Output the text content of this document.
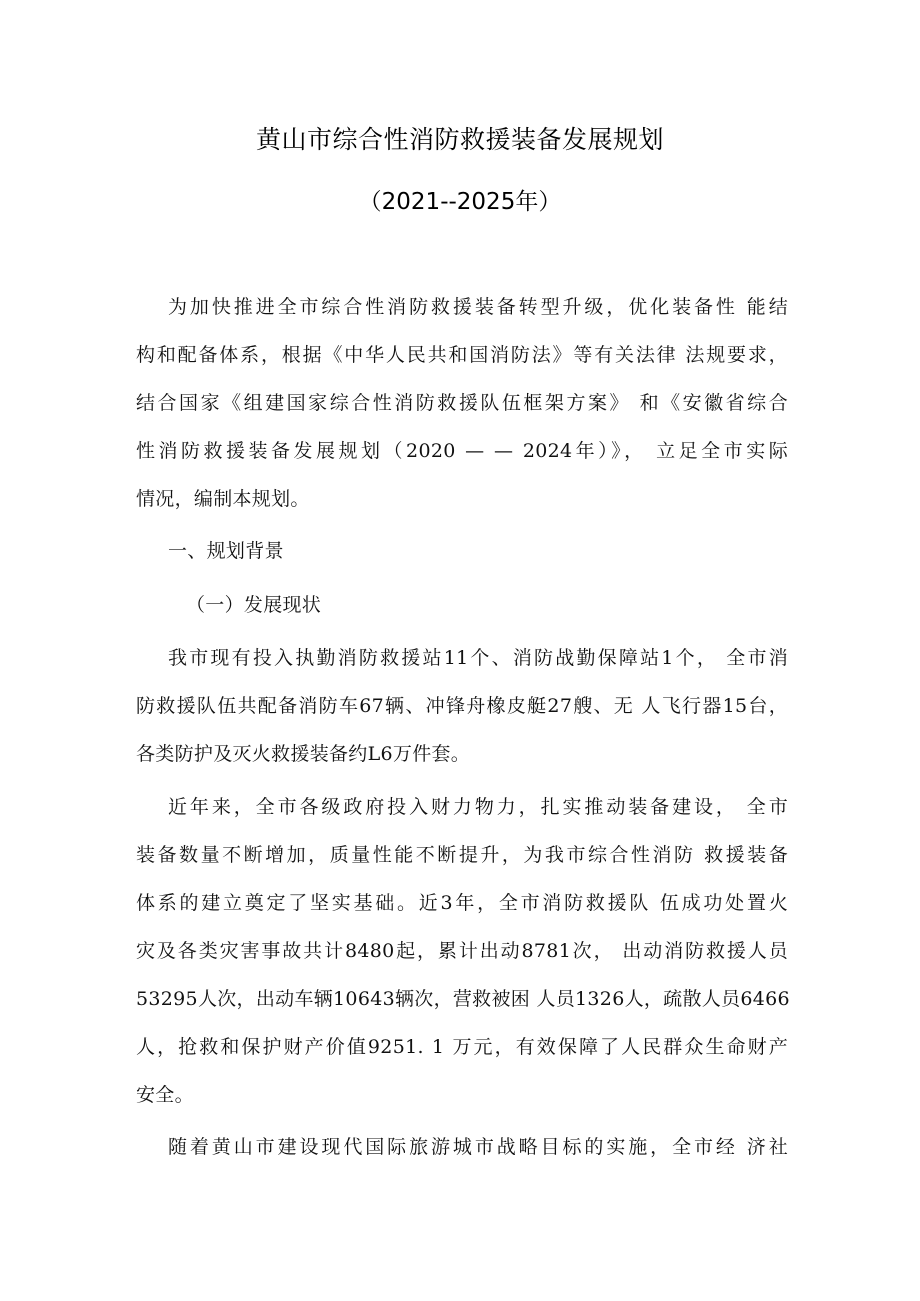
黄山市综合性消防救援装备发展规划
（2021--2025年）
为加快推进全市综合性消防救援装备转型升级，优化装备性 能结
构和配备体系，根据《中华人民共和国消防法》等有关法律 法规要求，
结合国家《组建国家综合性消防救援队伍框架方案》 和《安徽省综合
性消防救援装备发展规划（2020 — — 2024年）》， 立足全市实际
情况，编制本规划。
一、规划背景
（一）发展现状
我市现有投入执勤消防救援站11个、消防战勤保障站1个， 全市消
防救援队伍共配备消防车67辆、冲锋舟橡皮艇27艘、无 人飞行器15台，
各类防护及灭火救援装备约L6万件套。
近年来，全市各级政府投入财力物力，扎实推动装备建设， 全市
装备数量不断增加，质量性能不断提升，为我市综合性消防 救援装备
体系的建立奠定了坚实基础。近3年，全市消防救援队 伍成功处置火
灾及各类灾害事故共计8480起，累计出动8781次， 出动消防救援人员
53295人次，出动车辆10643辆次，营救被困 人员1326人，疏散人员6466
人，抢救和保护财产价值9251. 1 万元，有效保障了人民群众生命财产
安全。
随着黄山市建设现代国际旅游城市战略目标的实施，全市经 济社
